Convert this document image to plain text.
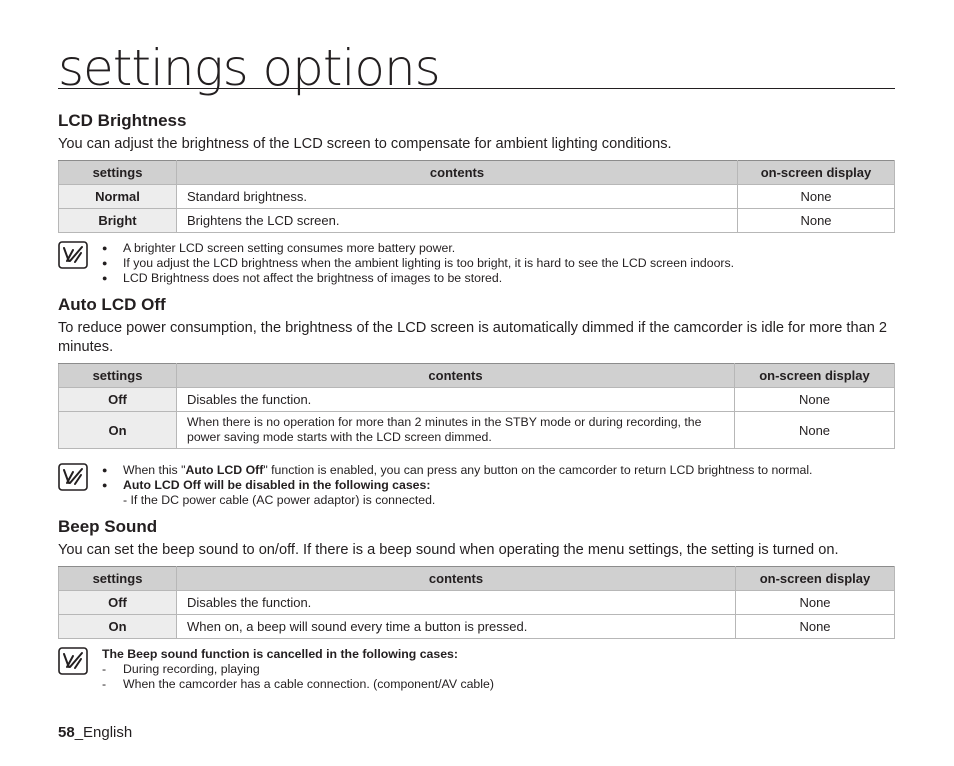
settings options
LCD Brightness

You can adjust the brightness of the LCD screen to compensate for ambient lighting conditions.

settings	contents	on-screen display
Normal	Standard brightness.	None
Bright	Brightens the LCD screen.	None
● A brighter LCD screen setting consumes more battery power.
● If you adjust the LCD brightness when the ambient lighting is too bright, it is hard to see the LCD screen indoors.
● LCD Brightness does not affect the brightness of images to be stored.
Auto LCD Off

To reduce power consumption, the brightness of the LCD screen is automatically dimmed if the camcorder is idle for more than 2 minutes.

settings	contents	on-screen display
Off	Disables the function.	None
On	When there is no operation for more than 2 minutes in the STBY mode or during recording, the power saving mode starts with the LCD screen dimmed.	None
● When this "Auto LCD Off" function is enabled, you can press any button on the camcorder to return LCD brightness to normal.
● Auto LCD Off will be disabled in the following cases:
- If the DC power cable (AC power adaptor) is connected.
Beep Sound

You can set the beep sound to on/off. If there is a beep sound when operating the menu settings, the setting is turned on.

settings	contents	on-screen display
Off	Disables the function.	None
On	When on, a beep will sound every time a button is pressed.	None
The Beep sound function is cancelled in the following cases:
- During recording, playing
- When the camcorder has a cable connection. (component/AV cable)
58_English
